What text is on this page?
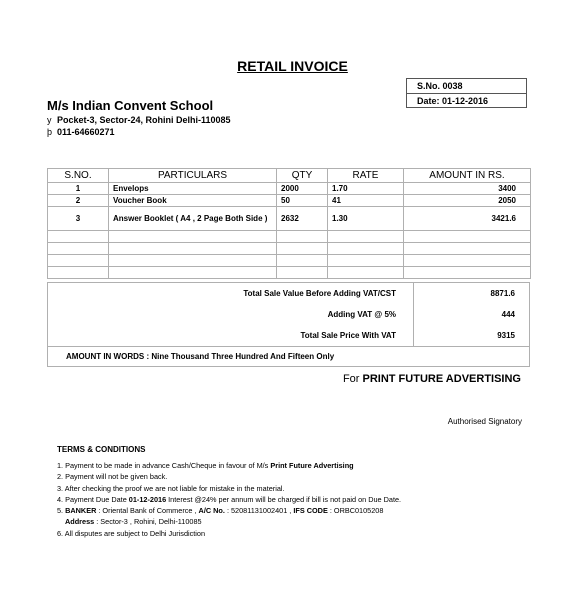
RETAIL INVOICE
S.No. 0038
Date: 01-12-2016
M/s Indian Convent School
y Pocket-3, Sector-24, Rohini Delhi-110085
þ 011-64660271
S.NO.	PARTICULARS	QTY	RATE	AMOUNT IN RS.
1	Envelops	2000	1.70	3400
2	Voucher Book	50	41	2050
3	Answer Booklet ( A4 , 2 Page Both Side )	2632	1.30	3421.6

Total Sale Value Before Adding VAT/CST	8871.6
Adding VAT @ 5%	444
Total Sale Price With VAT	9315
AMOUNT IN WORDS : Nine Thousand Three Hundred And Fifteen Only
For PRINT FUTURE ADVERTISING
Authorised Signatory
TERMS & CONDITIONS
1. Payment to be made in advance Cash/Cheque in favour of M/s Print Future Advertising
2. Payment will not be given back.
3. After checking the proof we are not liable for mistake in the material.
4. Payment Due Date 01-12-2016 Interest @24% per annum will be charged if bill is not paid on Due Date.
5. BANKER : Oriental Bank of Commerce , A/C No. : 52081131002401 , IFS CODE : ORBC0105208
Address : Sector-3 , Rohini, Delhi-110085
6. All disputes are subject to Delhi Jurisdiction
